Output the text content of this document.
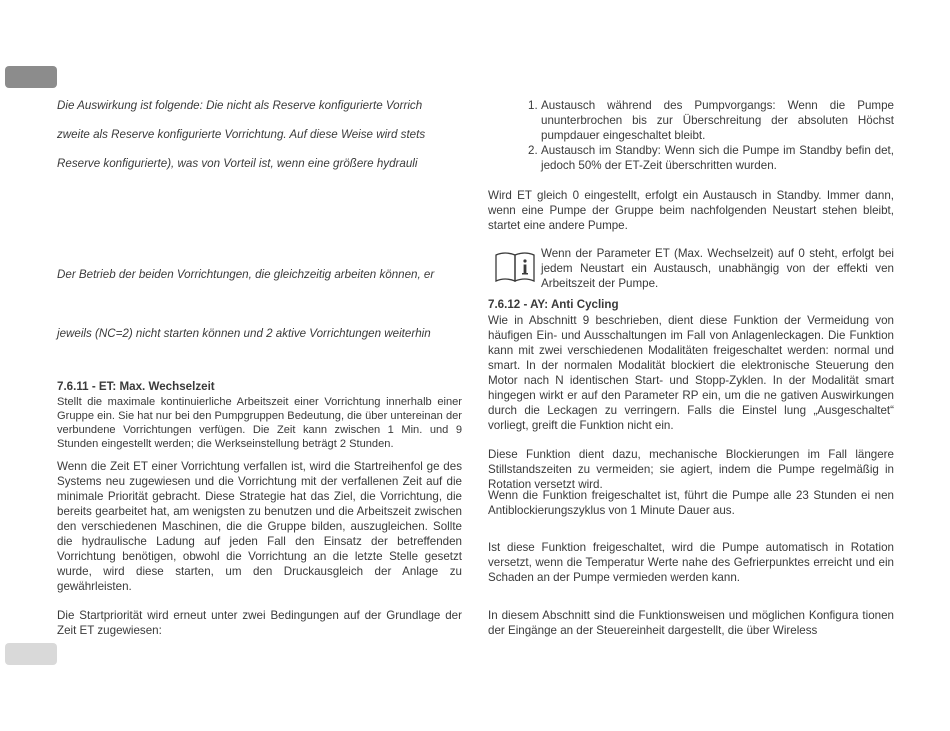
Die Auswirkung ist folgende: Die nicht als Reserve konfigurierte Vorrich
zweite als Reserve konfigurierte Vorrichtung. Auf diese Weise wird stets
Reserve konfigurierte), was von Vorteil ist, wenn eine größere hydrauli
Der Betrieb der beiden Vorrichtungen, die gleichzeitig arbeiten können, er
jeweils (NC=2) nicht starten können und 2 aktive Vorrichtungen weiterhin
7.6.11 - ET: Max. Wechselzeit
Stellt die maximale kontinuierliche Arbeitszeit einer Vorrichtung innerhalb einer Gruppe ein. Sie hat nur bei den Pumpgruppen Bedeutung, die über untereinan der verbundene Vorrichtungen verfügen. Die Zeit kann zwischen 1 Min. und 9 Stunden eingestellt werden; die Werkseinstellung beträgt 2 Stunden.
Wenn die Zeit ET einer Vorrichtung verfallen ist, wird die Startreihenfol ge des Systems neu zugewiesen und die Vorrichtung mit der verfallenen Zeit auf die minimale Priorität gebracht. Diese Strategie hat das Ziel, die Vorrichtung, die bereits gearbeitet hat, am wenigsten zu benutzen und die Arbeitszeit zwischen den verschiedenen Maschinen, die die Gruppe bilden, auszugleichen. Sollte die hydraulische Ladung auf jeden Fall den Einsatz der betreffenden Vorrichtung benötigen, obwohl die Vorrichtung an die letzte Stelle gesetzt wurde, wird diese starten, um den Druckausgleich der Anlage zu gewährleisten.
Die Startpriorität wird erneut unter zwei Bedingungen auf der Grundlage der Zeit ET zugewiesen:
1. Austausch während des Pumpvorgangs: Wenn die Pumpe ununterbrochen bis zur Überschreitung der absoluten Höchst pumpdauer eingeschaltet bleibt.
2. Austausch im Standby: Wenn sich die Pumpe im Standby befin det, jedoch 50% der ET-Zeit überschritten wurden.
Wird ET gleich 0 eingestellt, erfolgt ein Austausch in Standby. Immer dann, wenn eine Pumpe der Gruppe beim nachfolgenden Neustart stehen bleibt, startet eine andere Pumpe.
Wenn der Parameter ET (Max. Wechselzeit) auf 0 steht, erfolgt bei jedem Neustart ein Austausch, unabhängig von der effekti ven Arbeitszeit der Pumpe.
7.6.12 - AY: Anti Cycling
Wie in Abschnitt 9 beschrieben, dient diese Funktion der Vermeidung von häufigen Ein- und Ausschaltungen im Fall von Anlagenleckagen. Die Funktion kann mit zwei verschiedenen Modalitäten freigeschaltet werden: normal und smart. In der normalen Modalität blockiert die elektronische Steuerung den Motor nach N identischen Start- und Stopp-Zyklen. In der Modalität smart hingegen wirkt er auf den Parameter RP ein, um die ne gativen Auswirkungen durch die Leckagen zu verringern. Falls die Einstel lung „Ausgeschaltet“ vorliegt, greift die Funktion nicht ein.
Diese Funktion dient dazu, mechanische Blockierungen im Fall längere Stillstandszeiten zu vermeiden; sie agiert, indem die Pumpe regelmäßig in Rotation versetzt wird.
Wenn die Funktion freigeschaltet ist, führt die Pumpe alle 23 Stunden ei nen Antiblockierungszyklus von 1 Minute Dauer aus.
Ist diese Funktion freigeschaltet, wird die Pumpe automatisch in Rotation versetzt, wenn die Temperatur Werte nahe des Gefrierpunktes erreicht und ein Schaden an der Pumpe vermieden werden kann.
In diesem Abschnitt sind die Funktionsweisen und möglichen Konfigura tionen der Eingänge an der Steuereinheit dargestellt, die über Wireless
